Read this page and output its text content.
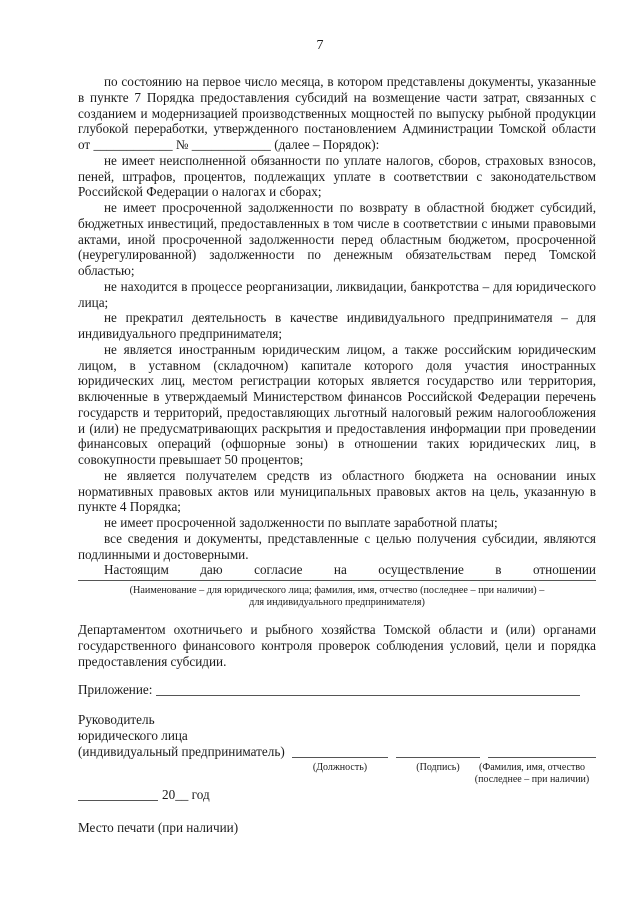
7

по состоянию на первое число месяца, в котором представлены документы, указанные в пункте 7 Порядка предоставления субсидий на возмещение части затрат, связанных с созданием и модернизацией производственных мощностей по выпуску рыбной продукции глубокой переработки, утвержденного постановлением Администрации Томской области от ____________ № ____________ (далее – Порядок):

не имеет неисполненной обязанности по уплате налогов, сборов, страховых взносов, пеней, штрафов, процентов, подлежащих уплате в соответствии с законодательством Российской Федерации о налогах и сборах;

не имеет просроченной задолженности по возврату в областной бюджет субсидий, бюджетных инвестиций, предоставленных в том числе в соответствии с иными правовыми актами, иной просроченной задолженности перед областным бюджетом, просроченной (неурегулированной) задолженности по денежным обязательствам перед Томской областью;

не находится в процессе реорганизации, ликвидации, банкротства – для юридического лица;

не прекратил деятельность в качестве индивидуального предпринимателя – для индивидуального предпринимателя;

не является иностранным юридическим лицом, а также российским юридическим лицом, в уставном (складочном) капитале которого доля участия иностранных юридических лиц, местом регистрации которых является государство или территория, включенные в утверждаемый Министерством финансов Российской Федерации перечень государств и территорий, предоставляющих льготный налоговый режим налогообложения и (или) не предусматривающих раскрытия и предоставления информации при проведении финансовых операций (офшорные зоны) в отношении таких юридических лиц, в совокупности превышает 50 процентов;

не является получателем средств из областного бюджета на основании иных нормативных правовых актов или муниципальных правовых актов на цель, указанную в пункте 4 Порядка;

не имеет просроченной задолженности по выплате заработной платы;

все сведения и документы, представленные с целью получения субсидии, являются подлинными и достоверными.

Настоящим даю согласие на осуществление в отношении

(Наименование – для юридического лица; фамилия, имя, отчество (последнее – при наличии) –
для индивидуального предпринимателя)

Департаментом охотничьего и рыбного хозяйства Томской области и (или) органами государственного финансового контроля проверок соблюдения условий, цели и порядка предоставления субсидии.

Приложение:
Руководитель
юридического лица
(индивидуальный предприниматель)
(Должность)	(Подпись)	(Фамилия, имя, отчество
(последнее – при наличии)
20__ год
Место печати (при наличии)
